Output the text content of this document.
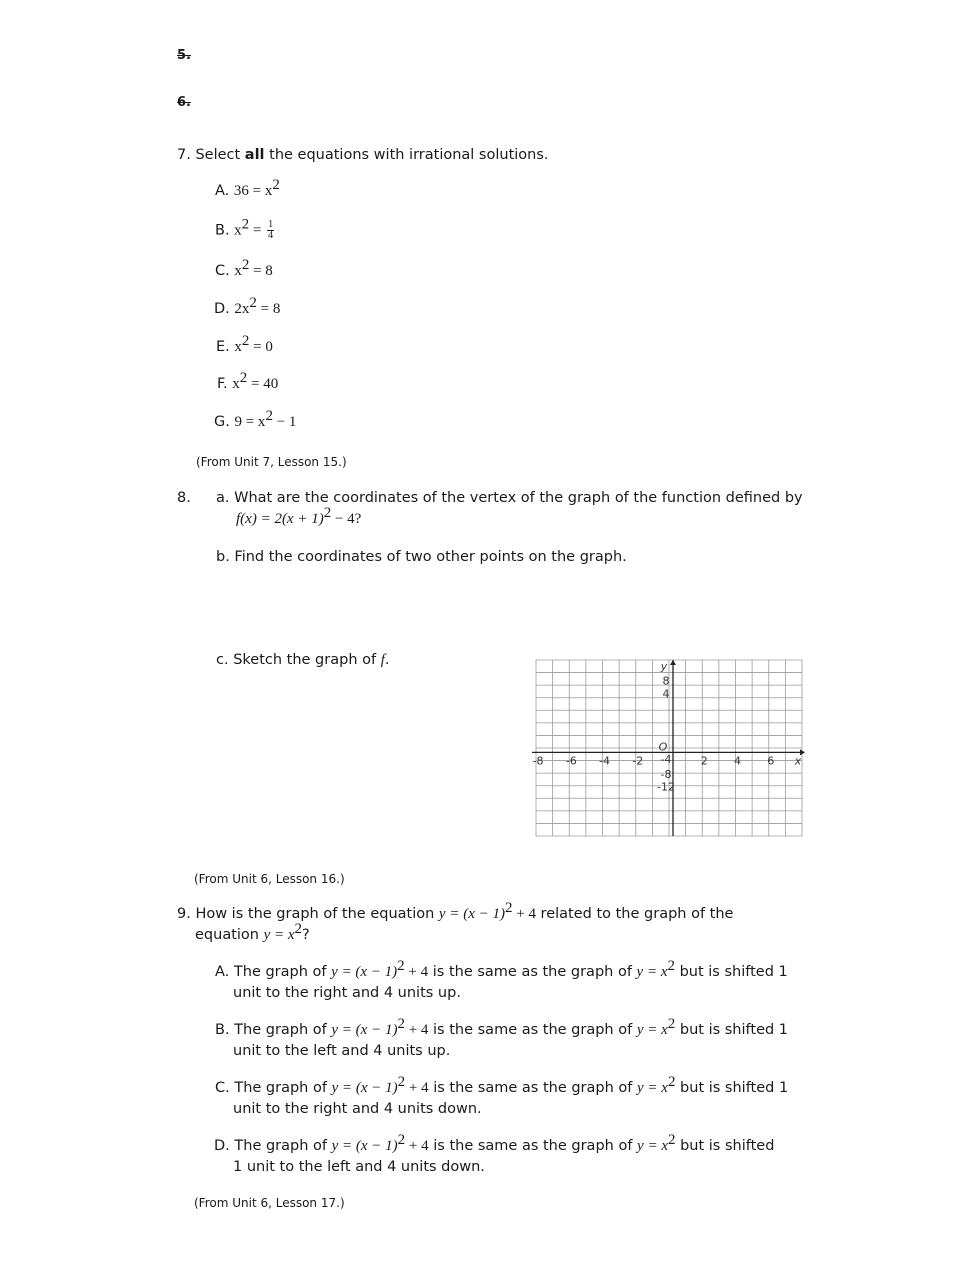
5.
6.
7. Select all the equations with irrational solutions.
A. $36 = x^2$
B. $x^2 = \frac{1}{4}$
C. $x^2 = 8$
D. $2x^2 = 8$
E. $x^2 = 0$
F. $x^2 = 40$
G. $9 = x^2 - 1$
(From Unit 7, Lesson 15.)
8. a. What are the coordinates of the vertex of the graph of the function defined by
$f(x) = 2(x + 1)^2 - 4$?
b. Find the coordinates of two other points on the graph.
c. Sketch the graph of f.
-8 -6 -4 -2	2 4 6 x
8
4
-4
-8
-12
y
O
(From Unit 6, Lesson 16.)
9. How is the graph of the equation $y = (x - 1)^2 + 4$ related to the graph of the
equation $y = x^2$?
A. The graph of $y = (x - 1)^2 + 4$ is the same as the graph of $y = x^2$ but is shifted 1
unit to the right and 4 units up.
B. The graph of $y = (x - 1)^2 + 4$ is the same as the graph of $y = x^2$ but is shifted 1
unit to the left and 4 units up.
C. The graph of $y = (x - 1)^2 + 4$ is the same as the graph of $y = x^2$ but is shifted 1
unit to the right and 4 units down.
D. The graph of $y = (x - 1)^2 + 4$ is the same as the graph of $y = x^2$ but is shifted
1 unit to the left and 4 units down.
(From Unit 6, Lesson 17.)
